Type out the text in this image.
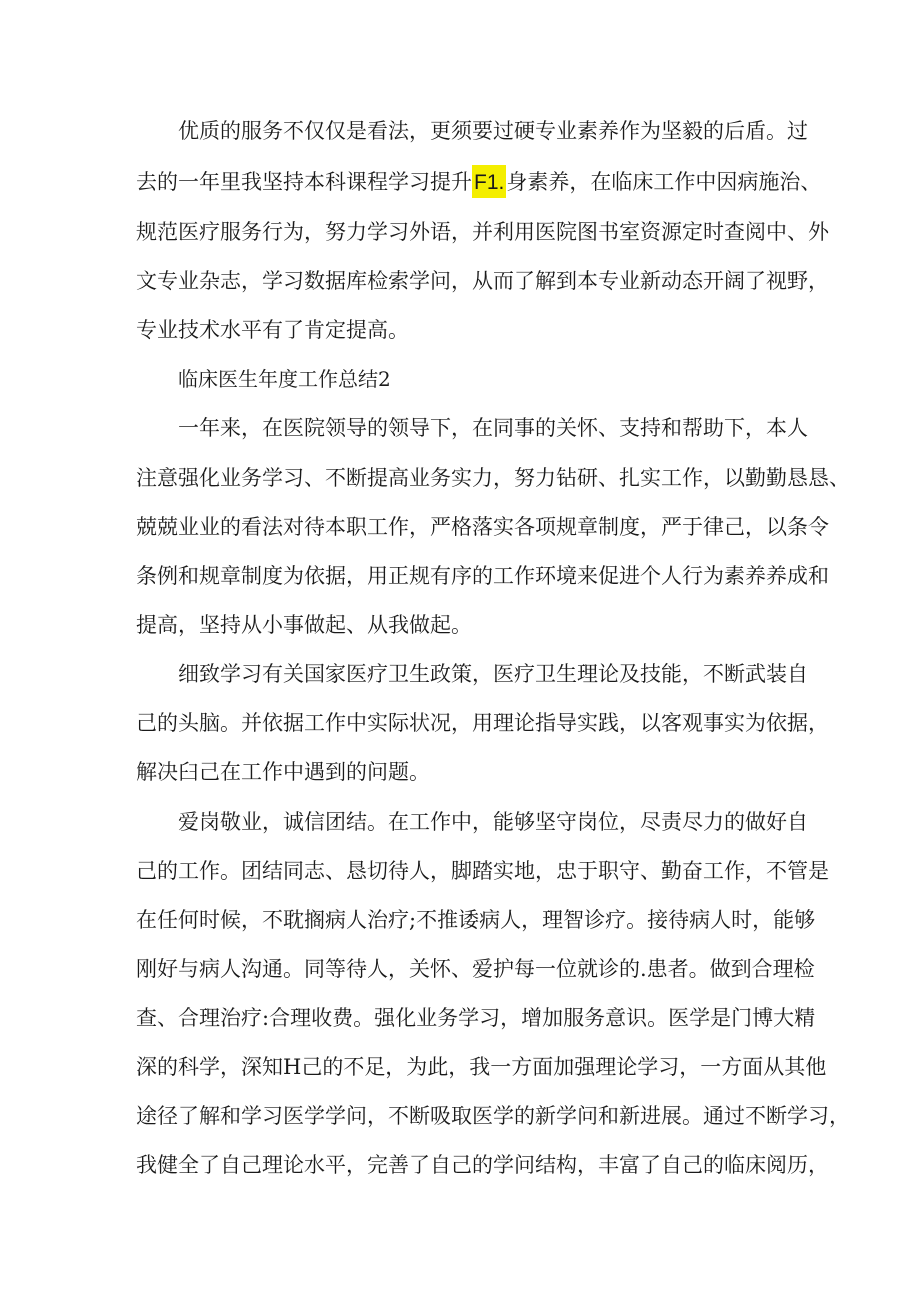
优质的服务不仅仅是看法，更须要过硬专业素养作为坚毅的后盾。过
去的一年里我坚持本科课程学习提升F1.身素养，在临床工作中因病施治、
规范医疗服务行为，努力学习外语，并利用医院图书室资源定时查阅中、外
文专业杂志，学习数据库检索学问，从而了解到本专业新动态开阔了视野，
专业技术水平有了肯定提高。
临床医生年度工作总结2
一年来，在医院领导的领导下，在同事的关怀、支持和帮助下，本人
注意强化业务学习、不断提高业务实力，努力钻研、扎实工作，以勤勤恳恳、
兢兢业业的看法对待本职工作，严格落实各项规章制度，严于律己，以条令
条例和规章制度为依据，用正规有序的工作环境来促进个人行为素养养成和
提高，坚持从小事做起、从我做起。
细致学习有关国家医疗卫生政策，医疗卫生理论及技能，不断武装自
己的头脑。并依据工作中实际状况，用理论指导实践，以客观事实为依据，
解决臼己在工作中遇到的问题。
爱岗敬业，诚信团结。在工作中，能够坚守岗位，尽责尽力的做好自
己的工作。团结同志、恳切待人，脚踏实地，忠于职守、勤奋工作，不管是
在任何时候，不耽搁病人治疗;不推诿病人，理智诊疗。接待病人时，能够
刚好与病人沟通。同等待人，关怀、爱护每一位就诊的.患者。做到合理检
查、合理治疗:合理收费。强化业务学习，增加服务意识。医学是门博大精
深的科学，深知H己的不足，为此，我一方面加强理论学习，一方面从其他
途径了解和学习医学学问，不断吸取医学的新学问和新进展。通过不断学习，
我健全了自己理论水平，完善了自己的学问结构，丰富了自己的临床阅历，
